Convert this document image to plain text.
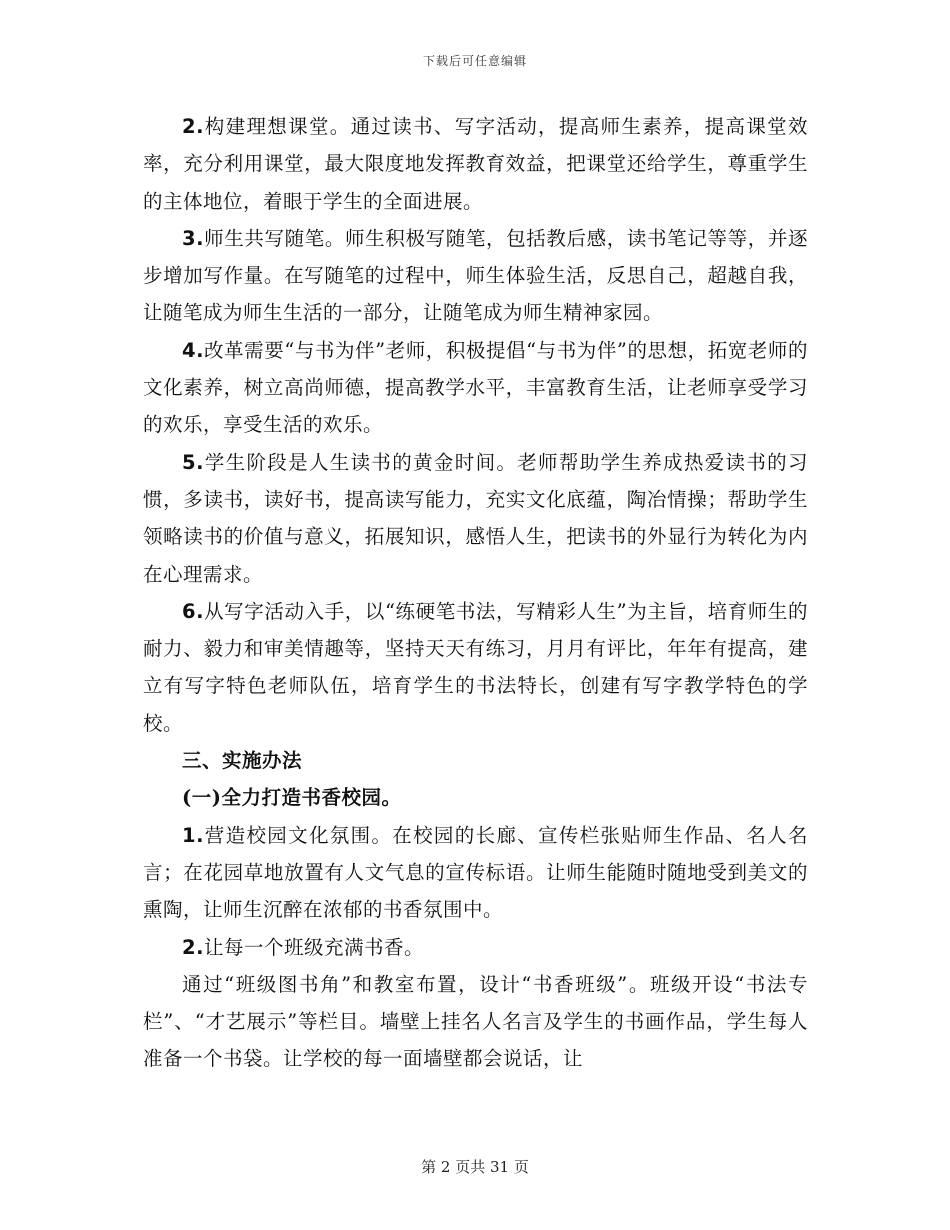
下载后可任意编辑

2.构建理想课堂。通过读书、写字活动，提高师生素养，提高课堂效率，充分利用课堂，最大限度地发挥教育效益，把课堂还给学生，尊重学生的主体地位，着眼于学生的全面进展。

3.师生共写随笔。师生积极写随笔，包括教后感，读书笔记等等，并逐步增加写作量。在写随笔的过程中，师生体验生活，反思自己，超越自我，让随笔成为师生生活的一部分，让随笔成为师生精神家园。

4.改革需要“与书为伴”老师，积极提倡“与书为伴”的思想，拓宽老师的文化素养，树立高尚师德，提高教学水平，丰富教育生活，让老师享受学习的欢乐，享受生活的欢乐。

5.学生阶段是人生读书的黄金时间。老师帮助学生养成热爱读书的习惯，多读书，读好书，提高读写能力，充实文化底蕴，陶冶情操；帮助学生领略读书的价值与意义，拓展知识，感悟人生，把读书的外显行为转化为内在心理需求。

6.从写字活动入手，以“练硬笔书法，写精彩人生”为主旨，培育师生的耐力、毅力和审美情趣等，坚持天天有练习，月月有评比，年年有提高，建立有写字特色老师队伍，培育学生的书法特长，创建有写字教学特色的学校。

三、实施办法

(一)全力打造书香校园。

1.营造校园文化氛围。在校园的长廊、宣传栏张贴师生作品、名人名言；在花园草地放置有人文气息的宣传标语。让师生能随时随地受到美文的熏陶，让师生沉醉在浓郁的书香氛围中。

2.让每一个班级充满书香。

通过“班级图书角”和教室布置，设计“书香班级”。班级开设“书法专栏”、“才艺展示”等栏目。墙壁上挂名人名言及学生的书画作品，学生每人准备一个书袋。让学校的每一面墙壁都会说话，让

第 2 页共 31 页
